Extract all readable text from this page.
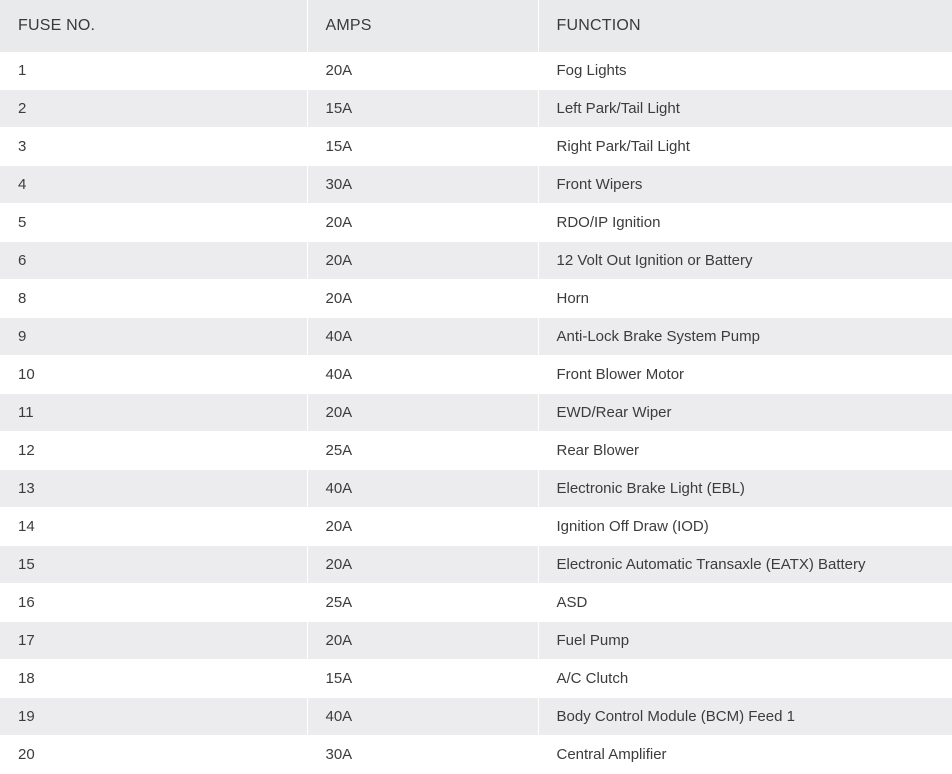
FUSE NO.	AMPS	FUNCTION
1	20A	Fog Lights
2	15A	Left Park/Tail Light
3	15A	Right Park/Tail Light
4	30A	Front Wipers
5	20A	RDO/IP Ignition
6	20A	12 Volt Out Ignition or Battery
8	20A	Horn
9	40A	Anti-Lock Brake System Pump
10	40A	Front Blower Motor
11	20A	EWD/Rear Wiper
12	25A	Rear Blower
13	40A	Electronic Brake Light (EBL)
14	20A	Ignition Off Draw (IOD)
15	20A	Electronic Automatic Transaxle (EATX) Battery
16	25A	ASD
17	20A	Fuel Pump
18	15A	A/C Clutch
19	40A	Body Control Module (BCM) Feed 1
20	30A	Central Amplifier
